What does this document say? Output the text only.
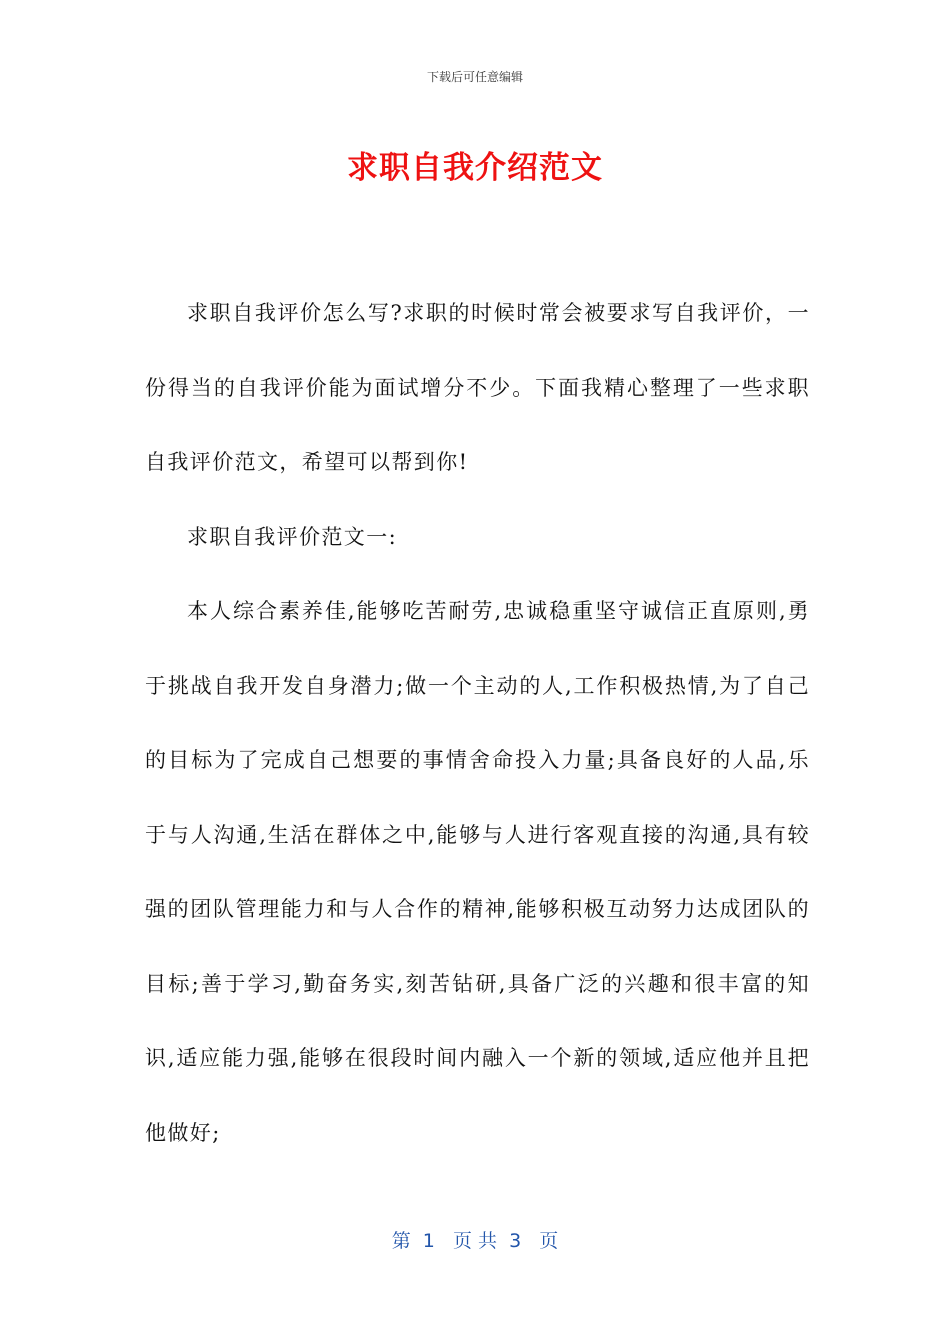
下载后可任意编辑
求职自我介绍范文

求职自我评价怎么写?求职的时候时常会被要求写自我评价，一份得当的自我评价能为面试增分不少。下面我精心整理了一些求职自我评价范文，希望可以帮到你!

求职自我评价范文一:

本人综合素养佳,能够吃苦耐劳,忠诚稳重坚守诚信正直原则,勇于挑战自我开发自身潜力;做一个主动的人,工作积极热情,为了自己的目标为了完成自己想要的事情舍命投入力量;具备良好的人品,乐于与人沟通,生活在群体之中,能够与人进行客观直接的沟通,具有较强的团队管理能力和与人合作的精神,能够积极互动努力达成团队的目标;善于学习,勤奋务实,刻苦钻研,具备广泛的兴趣和很丰富的知识,适应能力强,能够在很段时间内融入一个新的领域,适应他并且把他做好;

第  1   页 共  3   页
